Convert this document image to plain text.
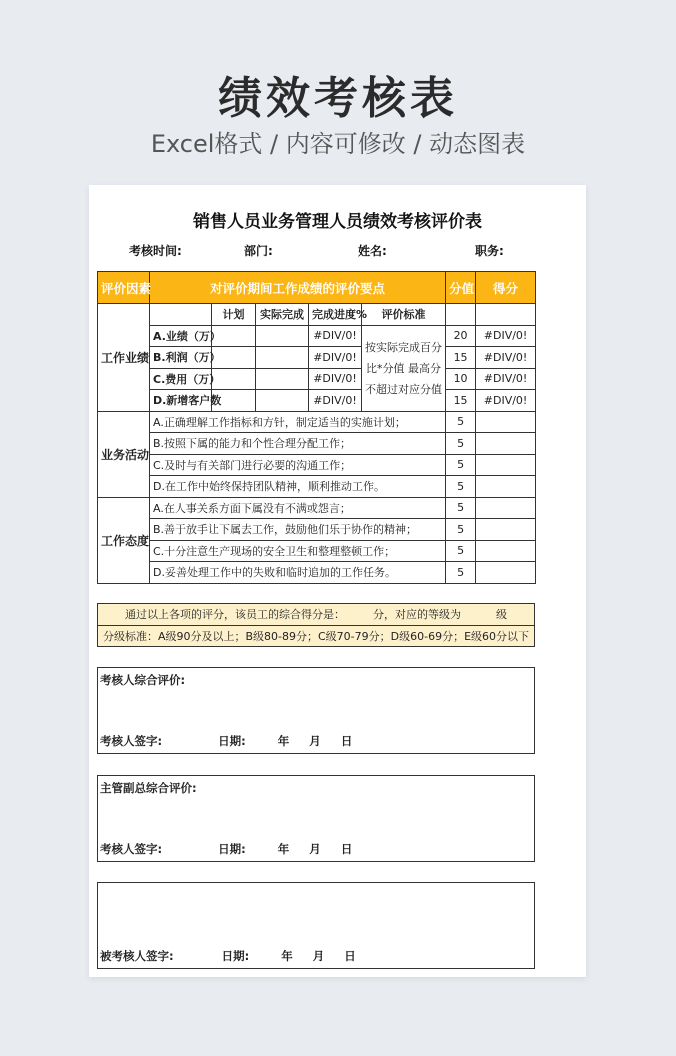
绩效考核表
Excel格式 / 内容可修改 / 动态图表
销售人员业务管理人员绩效考核评价表
考核时间:	部门:	姓名:	职务:
评价因素	对评价期间工作成绩的评价要点					分值	得分
工作业绩		计划	实际完成	完成进度%	评价标准		
	A.业绩（万）			#DIV/0!	按实际完成百分比*分值 最高分不超过对应分值	20	#DIV/0!
	B.利润（万）			#DIV/0!		15	#DIV/0!
	C.费用（万）			#DIV/0!		10	#DIV/0!
	D.新增客户数			#DIV/0!		15	#DIV/0!
业务活动	A.正确理解工作指标和方针，制定适当的实施计划；					5	
	B.按照下属的能力和个性合理分配工作；					5	
	C.及时与有关部门进行必要的沟通工作；					5	
	D.在工作中始终保持团队精神，顺利推动工作。					5	
工作态度	A.在人事关系方面下属没有不满或怨言；					5	
	B.善于放手让下属去工作，鼓励他们乐于协作的精神；					5	
	C.十分注意生产现场的安全卫生和整理整顿工作；					5	
	D.妥善处理工作中的失败和临时追加的工作任务。					5	
通过以上各项的评分，该员工的综合得分是：        分，对应的等级为          级
分级标准：A级90分及以上；B级80-89分；C级70-79分；D级60-69分；E级60分以下
考核人综合评价:
考核人签字:              日期:        年     月     日
主管副总综合评价:
考核人签字:              日期:        年     月     日
被考核人签字:            日期:        年     月     日
